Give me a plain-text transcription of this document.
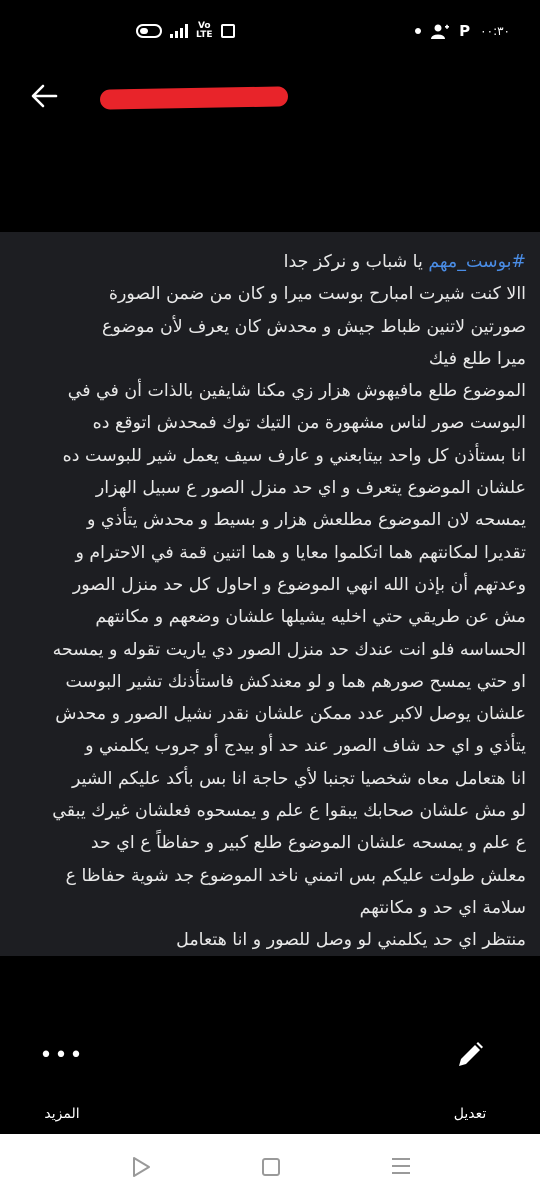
Vo
LTE	P ٠٠:٣٠
#بوست_مهم يا شباب و نركز جدا
االا كنت شيرت امبارح بوست ميرا و كان من ضمن الصورة
صورتين لاتنين ظباط جيش و محدش كان يعرف لأن موضوع
ميرا طلع فيك
الموضوع طلع مافيهوش هزار زي مكنا شايفين بالذات أن في في
البوست صور لناس مشهورة من التيك توك فمحدش اتوقع ده
انا بستأذن كل واحد بيتابعني و عارف سيف يعمل شير للبوست ده
علشان الموضوع يتعرف و اي حد منزل الصور ع سبيل الهزار
يمسحه لان الموضوع مطلعش هزار و بسيط و محدش يتأذي و
تقديرا لمكانتهم هما اتكلموا معايا و هما اتنين قمة في الاحترام و
وعدتهم أن بإذن الله انهي الموضوع و احاول كل حد منزل الصور
مش عن طريقي حتي اخليه يشيلها علشان وضعهم و مكانتهم
الحساسه فلو انت عندك حد منزل الصور دي ياريت تقوله و يمسحه
او حتي يمسح صورهم هما و لو معندكش فاستأذنك تشير البوست
علشان يوصل لاكبر عدد ممكن علشان نقدر نشيل الصور و محدش
يتأذي و اي حد شاف الصور عند حد أو بيدج أو جروب يكلمني و
انا هتعامل معاه شخصيا تجنبا لأي حاجة انا بس بأكد عليكم الشير
لو مش علشان صحابك يبقوا ع علم و يمسحوه فعلشان غيرك يبقي
ع علم و يمسحه علشان الموضوع طلع كبير و حفاظاً ع اي حد
معلش طولت عليكم بس اتمني ناخد الموضوع جد شوية حفاظا ع
سلامة اي حد و مكانتهم
منتظر اي حد يكلمني لو وصل للصور و انا هتعامل
تعديل
•••
المزيد
